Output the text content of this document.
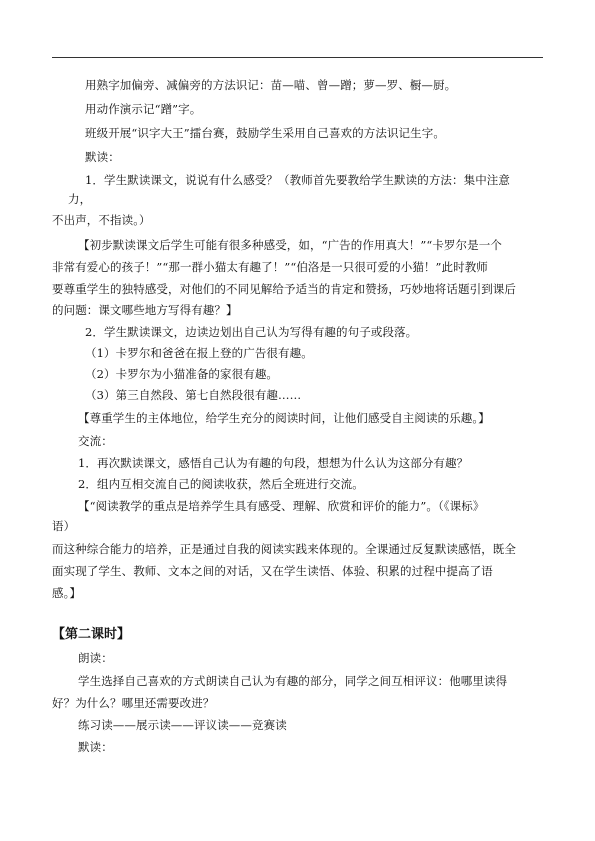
用熟字加偏旁、减偏旁的方法识记：苗—喵、曾—蹭；萝—罗、橱—厨。

用动作演示记“蹭”字。

班级开展“识字大王”擂台赛，鼓励学生采用自己喜欢的方法识记生字。

默读：

1．学生默读课文，说说有什么感受？（教师首先要教给学生默读的方法：集中注意

力，

不出声，不指读。）

【初步默读课文后学生可能有很多种感受，如，“广告的作用真大！”“卡罗尔是一个

非常有爱心的孩子！”“那一群小猫太有趣了！”“伯洛是一只很可爱的小猫！”此时教师

要尊重学生的独特感受，对他们的不同见解给予适当的肯定和赞扬，巧妙地将话题引到课后

的问题：课文哪些地方写得有趣？】

2．学生默读课文，边读边划出自己认为写得有趣的句子或段落。

（1）卡罗尔和爸爸在报上登的广告很有趣。

（2）卡罗尔为小猫准备的家很有趣。

（3）第三自然段、第七自然段很有趣……

【尊重学生的主体地位，给学生充分的阅读时间，让他们感受自主阅读的乐趣。】

交流：

1．再次默读课文，感悟自己认为有趣的句段，想想为什么认为这部分有趣？

2．组内互相交流自己的阅读收获，然后全班进行交流。

【“阅读教学的重点是培养学生具有感受、理解、欣赏和评价的能力”。（《课标》

语）

而这种综合能力的培养，正是通过自我的阅读实践来体现的。全课通过反复默读感悟，既全

面实现了学生、教师、文本之间的对话，又在学生读悟、体验、积累的过程中提高了语

感。】

【第二课时】

朗读：

学生选择自己喜欢的方式朗读自己认为有趣的部分，同学之间互相评议：他哪里读得

好？为什么？哪里还需要改进？

练习读——展示读——评议读——竞赛读

默读：
